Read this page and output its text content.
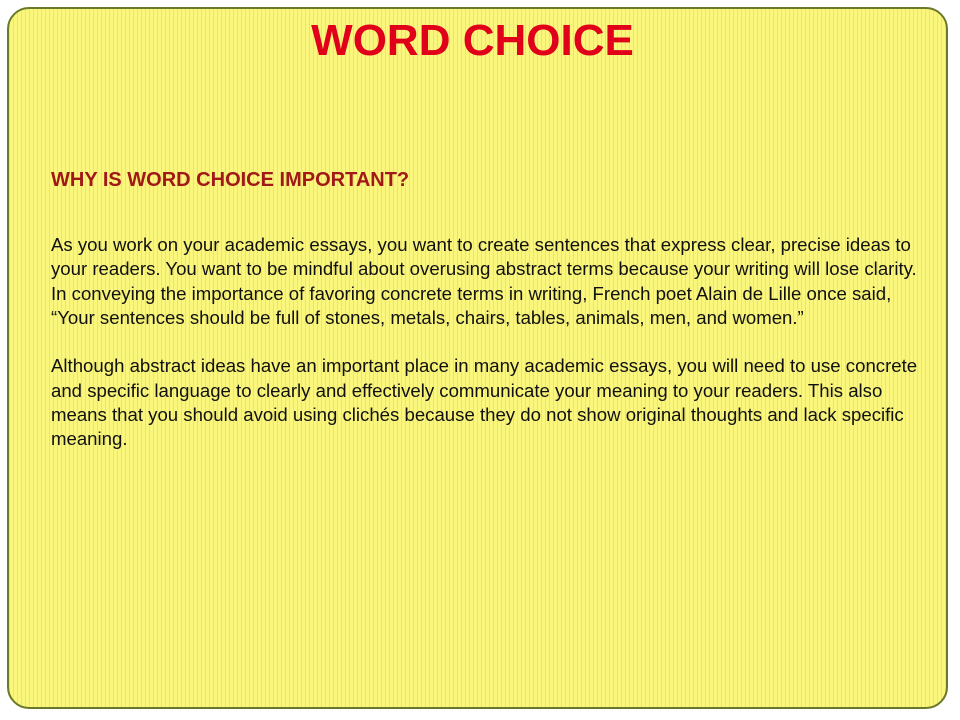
WORD CHOICE
WHY IS WORD CHOICE IMPORTANT?

As you work on your academic essays, you want to create sentences that express clear, precise ideas to your readers. You want to be mindful about overusing abstract terms because your writing will lose clarity. In conveying the importance of favoring concrete terms in writing, French poet Alain de Lille once said, “Your sentences should be full of stones, metals, chairs, tables, animals, men, and women.”

Although abstract ideas have an important place in many academic essays, you will need to use concrete and specific language to clearly and effectively communicate your meaning to your readers. This also means that you should avoid using clichés because they do not show original thoughts and lack specific meaning.
